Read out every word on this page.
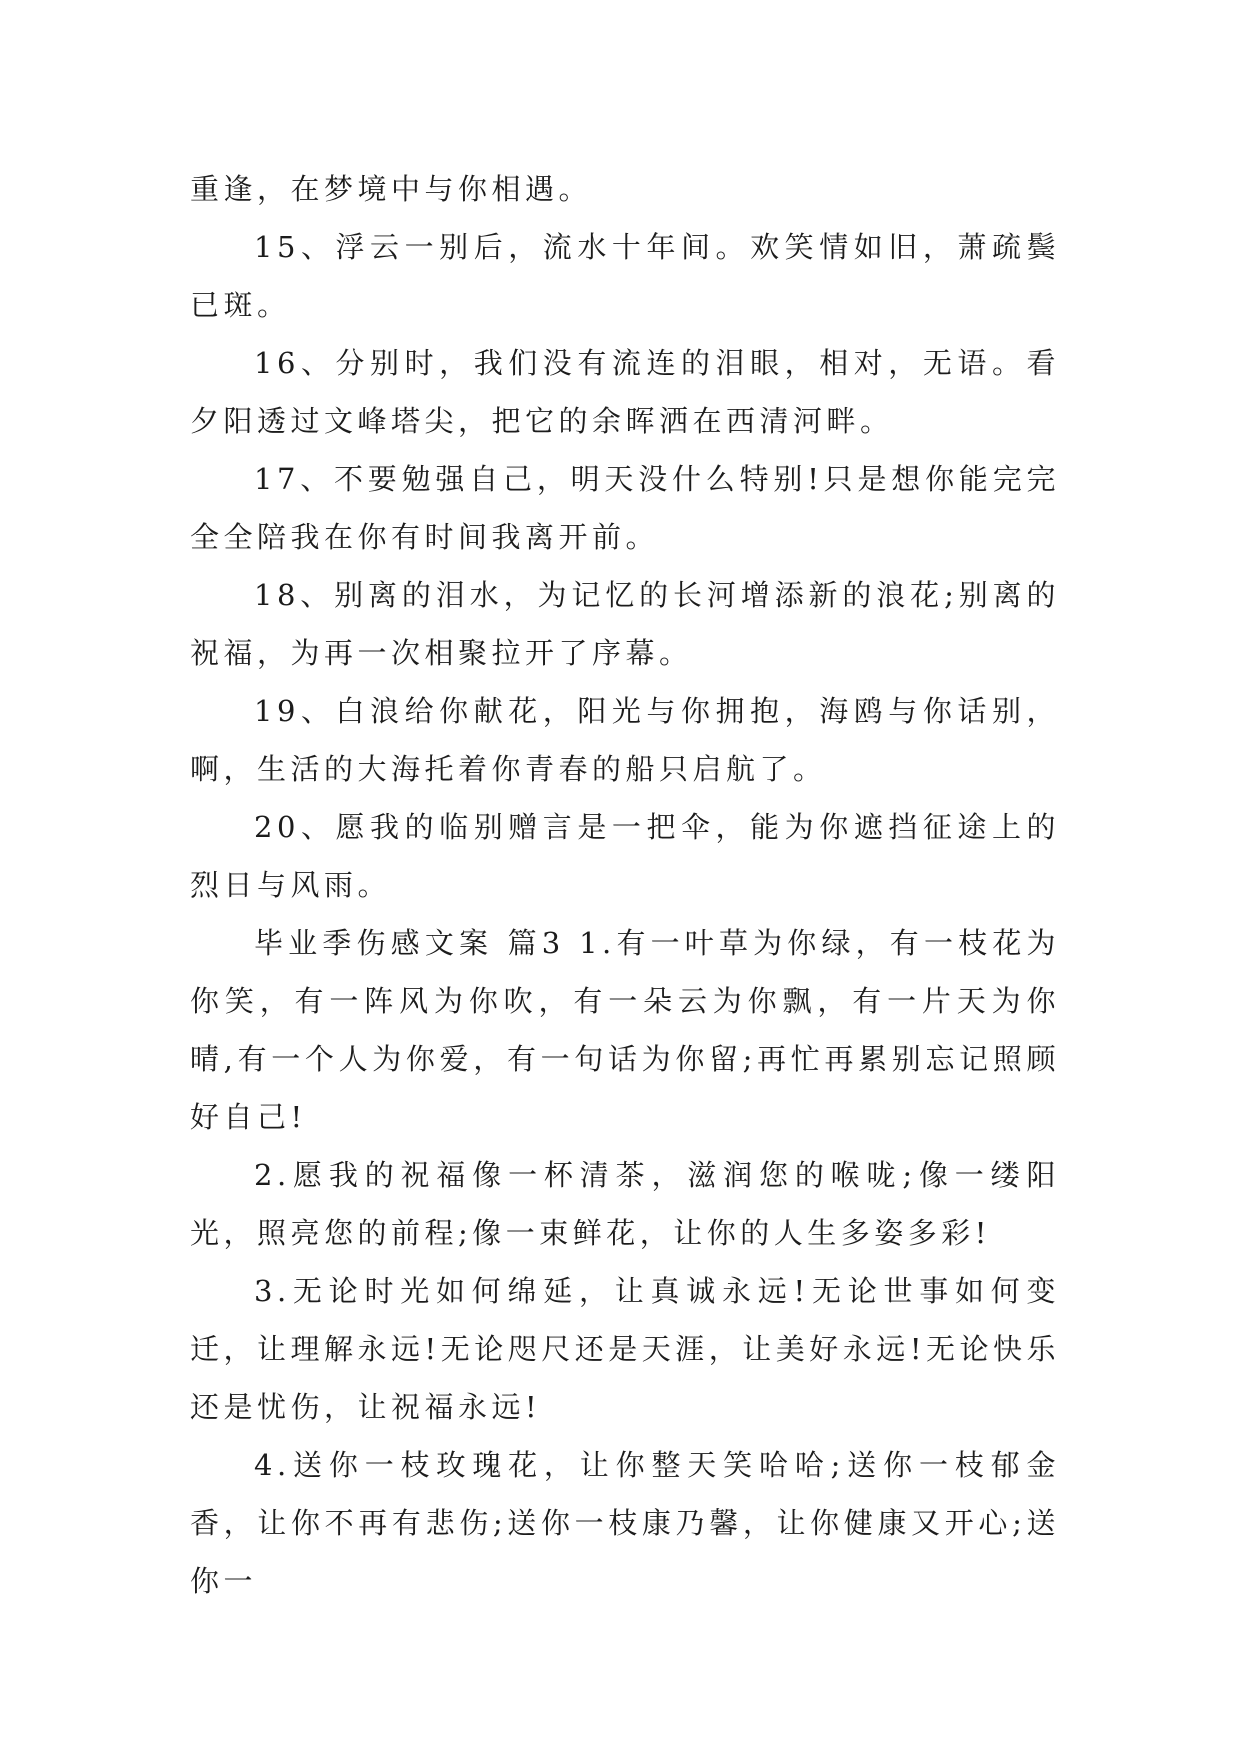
重逢，在梦境中与你相遇。

15、浮云一别后，流水十年间。欢笑情如旧，萧疏鬓已斑。

16、分别时，我们没有流连的泪眼，相对，无语。看夕阳透过文峰塔尖，把它的余晖洒在西清河畔。

17、不要勉强自己，明天没什么特别!只是想你能完完全全陪我在你有时间我离开前。

18、别离的泪水，为记忆的长河增添新的浪花;别离的祝福，为再一次相聚拉开了序幕。

19、白浪给你献花，阳光与你拥抱，海鸥与你话别，啊，生活的大海托着你青春的船只启航了。

20、愿我的临别赠言是一把伞，能为你遮挡征途上的烈日与风雨。

毕业季伤感文案 篇3 1.有一叶草为你绿，有一枝花为你笑，有一阵风为你吹，有一朵云为你飘，有一片天为你晴,有一个人为你爱，有一句话为你留;再忙再累别忘记照顾好自己!

2.愿我的祝福像一杯清茶，滋润您的喉咙;像一缕阳光，照亮您的前程;像一束鲜花，让你的人生多姿多彩!

3.无论时光如何绵延，让真诚永远!无论世事如何变迁，让理解永远!无论咫尺还是天涯，让美好永远!无论快乐还是忧伤，让祝福永远!

4.送你一枝玫瑰花，让你整天笑哈哈;送你一枝郁金香，让你不再有悲伤;送你一枝康乃馨，让你健康又开心;送你一
